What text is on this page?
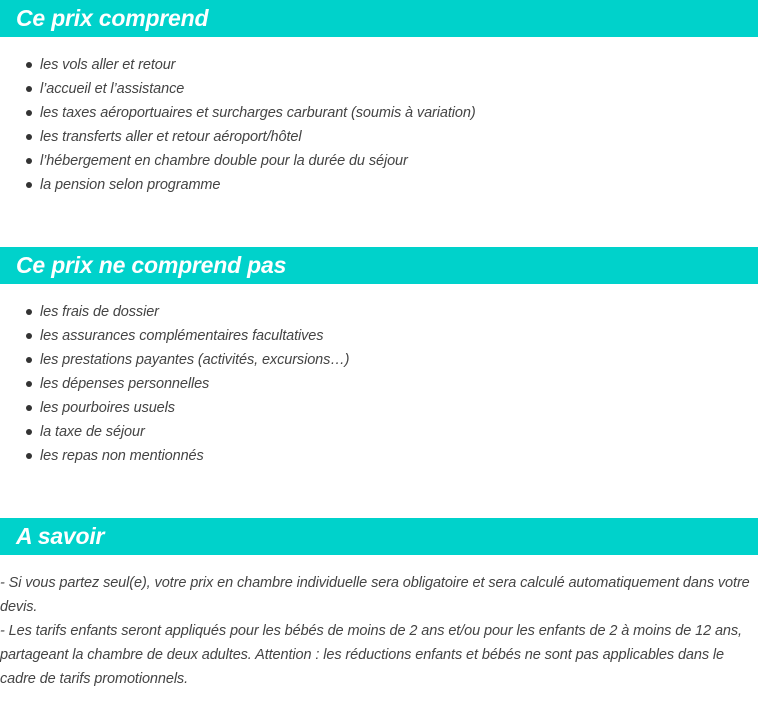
Ce prix comprend
les vols aller et retour
l’accueil et l’assistance
les taxes aéroportuaires et surcharges carburant (soumis à variation)
les transferts aller et retour aéroport/hôtel
l’hébergement en chambre double pour la durée du séjour
la pension selon programme
Ce prix ne comprend pas
les frais de dossier
les assurances complémentaires facultatives
les prestations payantes (activités, excursions…)
les dépenses personnelles
les pourboires usuels
la taxe de séjour
les repas non mentionnés
A savoir

- Si vous partez seul(e), votre prix en chambre individuelle sera obligatoire et sera calculé automatiquement dans votre devis.

- Les tarifs enfants seront appliqués pour les bébés de moins de 2 ans et/ou pour les enfants de 2 à moins de 12 ans, partageant la chambre de deux adultes. Attention : les réductions enfants et bébés ne sont pas applicables dans le cadre de tarifs promotionnels.
